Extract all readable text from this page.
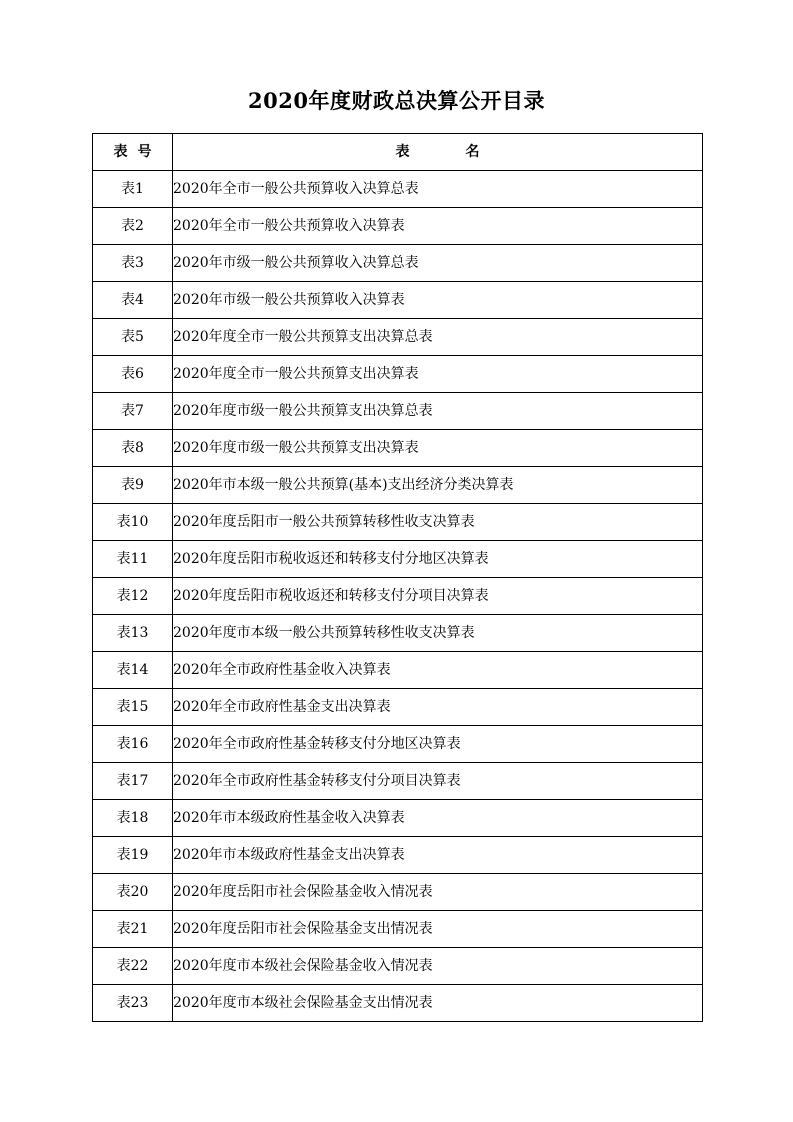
2020年度财政总决算公开目录
表号	表名
表1	2020年全市一般公共预算收入决算总表
表2	2020年全市一般公共预算收入决算表
表3	2020年市级一般公共预算收入决算总表
表4	2020年市级一般公共预算收入决算表
表5	2020年度全市一般公共预算支出决算总表
表6	2020年度全市一般公共预算支出决算表
表7	2020年度市级一般公共预算支出决算总表
表8	2020年度市级一般公共预算支出决算表
表9	2020年市本级一般公共预算(基本)支出经济分类决算表
表10	2020年度岳阳市一般公共预算转移性收支决算表
表11	2020年度岳阳市税收返还和转移支付分地区决算表
表12	2020年度岳阳市税收返还和转移支付分项目决算表
表13	2020年度市本级一般公共预算转移性收支决算表
表14	2020年全市政府性基金收入决算表
表15	2020年全市政府性基金支出决算表
表16	2020年全市政府性基金转移支付分地区决算表
表17	2020年全市政府性基金转移支付分项目决算表
表18	2020年市本级政府性基金收入决算表
表19	2020年市本级政府性基金支出决算表
表20	2020年度岳阳市社会保险基金收入情况表
表21	2020年度岳阳市社会保险基金支出情况表
表22	2020年度市本级社会保险基金收入情况表
表23	2020年度市本级社会保险基金支出情况表
